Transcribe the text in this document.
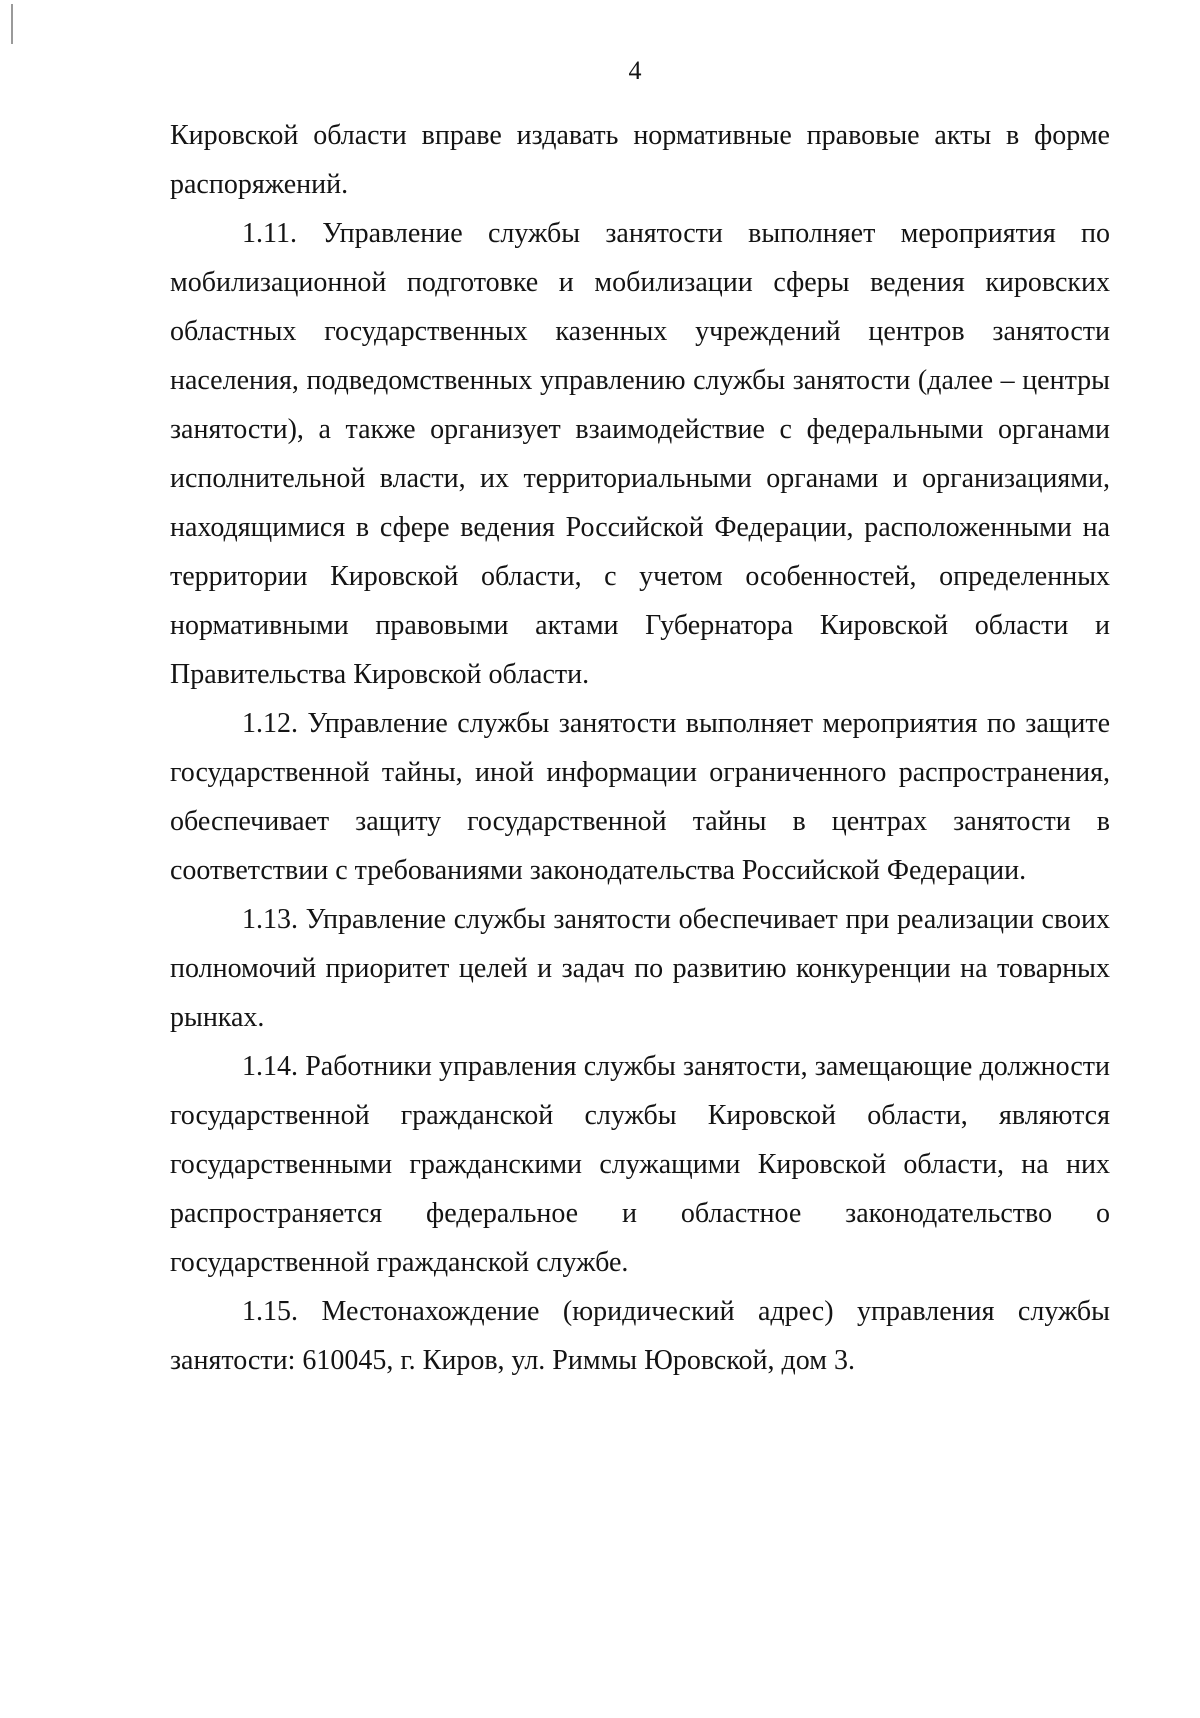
4

Кировской области вправе издавать нормативные правовые акты в форме распоряжений.

1.11. Управление службы занятости выполняет мероприятия по мобилизационной подготовке и мобилизации сферы ведения кировских областных государственных казенных учреждений центров занятости населения, подведомственных управлению службы занятости (далее – центры занятости), а также организует взаимодействие с федеральными органами исполнительной власти, их территориальными органами и организациями, находящимися в сфере ведения Российской Федерации, расположенными на территории Кировской области, с учетом особенностей, определенных нормативными правовыми актами Губернатора Кировской области и Правительства Кировской области.

1.12. Управление службы занятости выполняет мероприятия по защите государственной тайны, иной информации ограниченного распространения, обеспечивает защиту государственной тайны в центрах занятости в соответствии с требованиями законодательства Российской Федерации.

1.13. Управление службы занятости обеспечивает при реализации своих полномочий приоритет целей и задач по развитию конкуренции на товарных рынках.

1.14. Работники управления службы занятости, замещающие должности государственной гражданской службы Кировской области, являются государственными гражданскими служащими Кировской области, на них распространяется федеральное и областное законодательство о государственной гражданской службе.

1.15. Местонахождение (юридический адрес) управления службы занятости: 610045, г. Киров, ул. Риммы Юровской, дом 3.
